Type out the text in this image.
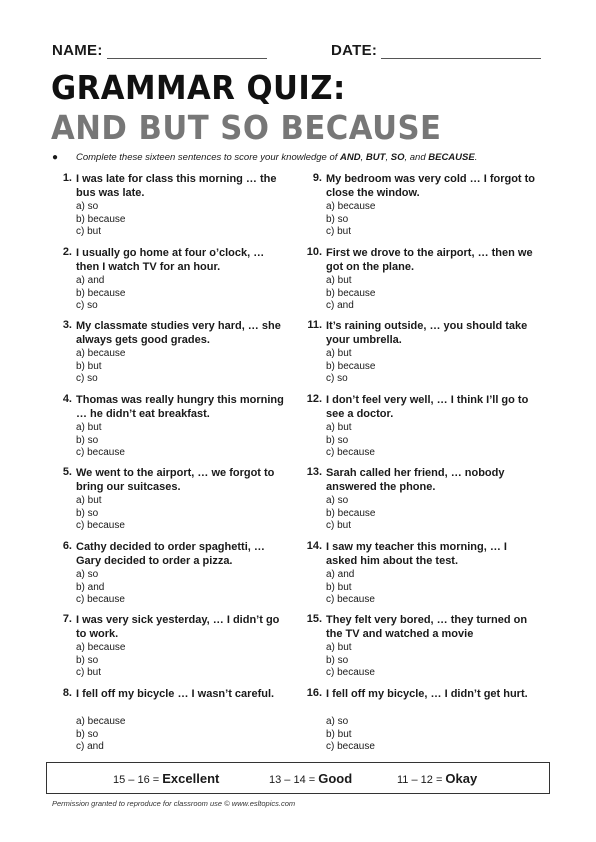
NAME:	DATE:
GRAMMAR QUIZ:
AND BUT SO BECAUSE
● Complete these sixteen sentences to score your knowledge of AND, BUT, SO, and BECAUSE.
1. I was late for class this morning … the bus was late.
a) so
b) because
c) but
2. I usually go home at four o’clock, … then I watch TV for an hour.
a) and
b) because
c) so
3. My classmate studies very hard, … she always gets good grades.
a) because
b) but
c) so
4. Thomas was really hungry this morning … he didn’t eat breakfast.
a) but
b) so
c) because
5. We went to the airport, … we forgot to bring our suitcases.
a) but
b) so
c) because
6. Cathy decided to order spaghetti, … Gary decided to order a pizza.
a) so
b) and
c) because
7. I was very sick yesterday, … I didn’t go to work.
a) because
b) so
c) but
8. I fell off my bicycle … I wasn’t careful.
a) because
b) so
c) and
9. My bedroom was very cold … I forgot to close the window.
a) because
b) so
c) but
10. First we drove to the airport, … then we got on the plane.
a) but
b) because
c) and
11. It’s raining outside, … you should take your umbrella.
a) but
b) because
c) so
12. I don’t feel very well, … I think I’ll go to see a doctor.
a) but
b) so
c) because
13. Sarah called her friend, … nobody answered the phone.
a) so
b) because
c) but
14. I saw my teacher this morning, … I asked him about the test.
a) and
b) but
c) because
15. They felt very bored, … they turned on the TV and watched a movie
a) but
b) so
c) because
16. I fell off my bicycle, … I didn’t get hurt.
a) so
b) but
c) because
15 – 16 = Excellent	13 – 14 = Good	11 – 12 = Okay
Permission granted to reproduce for classroom use © www.esltopics.com
